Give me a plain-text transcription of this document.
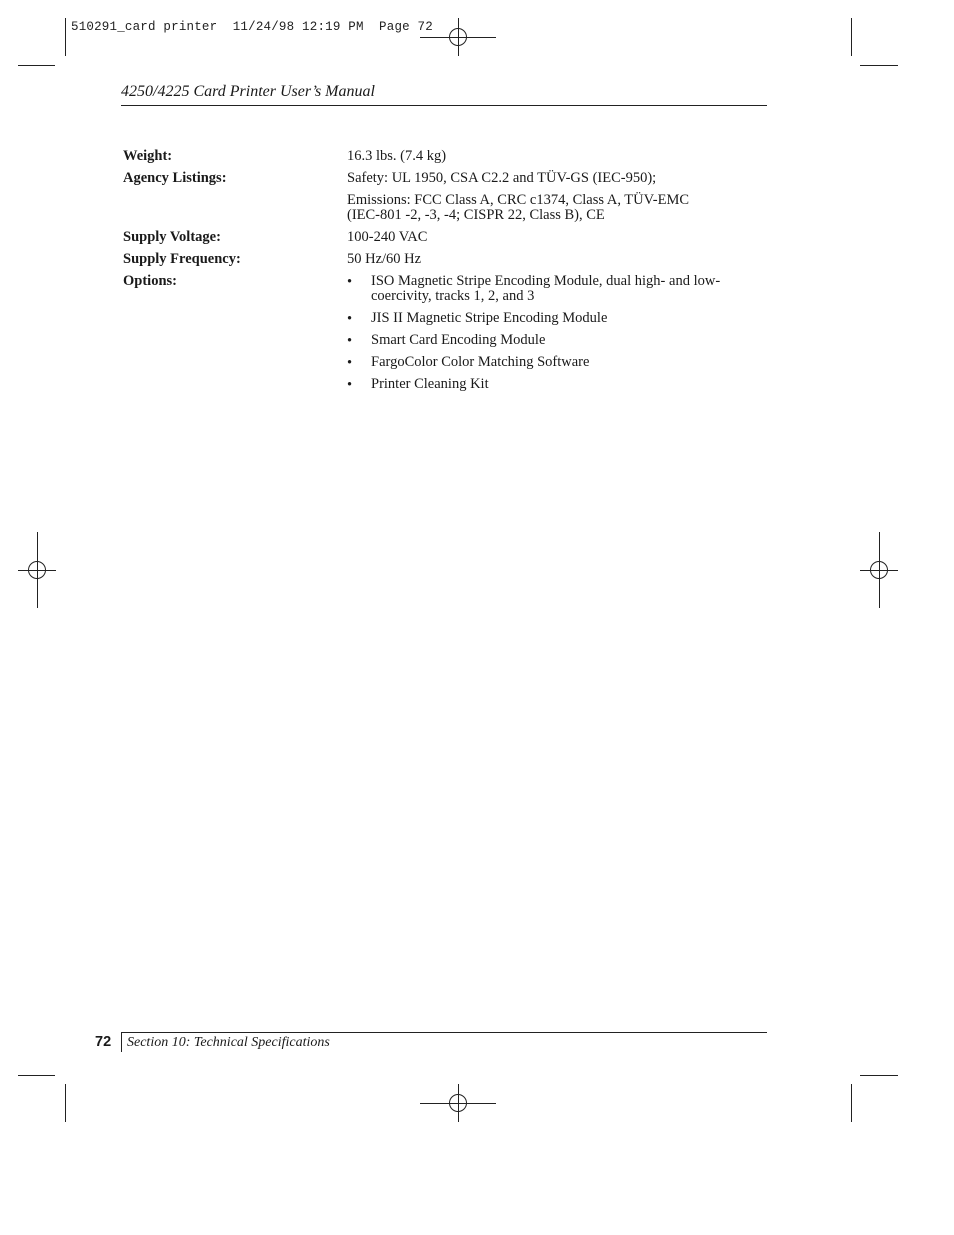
510291_card printer  11/24/98 12:19 PM  Page 72
4250/4225 Card Printer User’s Manual
Weight:	16.3 lbs. (7.4 kg)
Agency Listings:	Safety: UL 1950, CSA C2.2 and TÜV-GS (IEC-950);
Emissions: FCC Class A, CRC c1374, Class A, TÜV-EMC
(IEC-801 -2, -3, -4; CISPR 22, Class B), CE
Supply Voltage:	100-240 VAC
Supply Frequency:	50 Hz/60 Hz
Options:	• ISO Magnetic Stripe Encoding Module, dual high- and low-
coercivity, tracks 1, 2, and 3
• JIS II Magnetic Stripe Encoding Module
• Smart Card Encoding Module
• FargoColor Color Matching Software
• Printer Cleaning Kit
72 Section 10: Technical Specifications
